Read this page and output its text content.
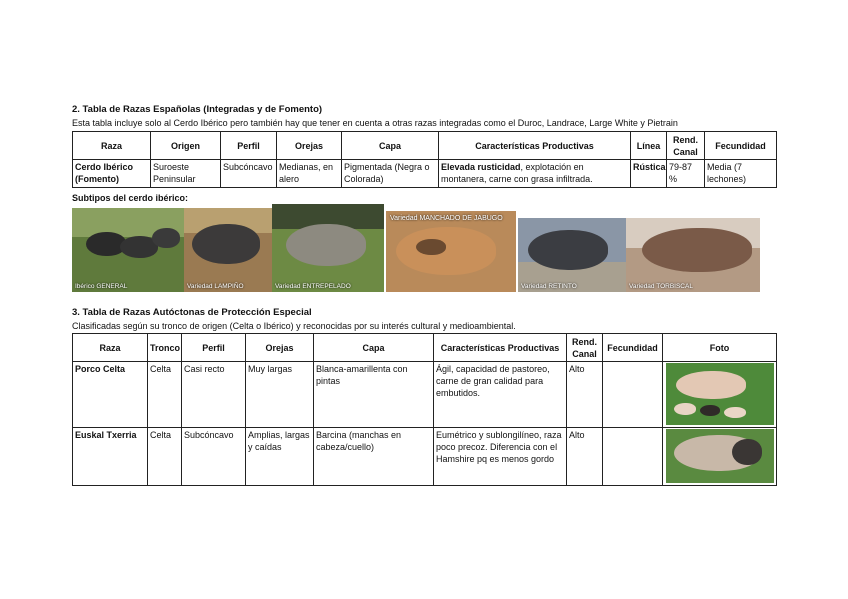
2. Tabla de Razas Españolas (Integradas y de Fomento)
Esta tabla incluye solo al Cerdo Ibérico pero también hay que tener en cuenta a otras razas integradas como el Duroc, Landrace, Large White y Pietrain
Raza	Origen	Perfil	Orejas	Capa	Características Productivas	Línea	Rend. Canal	Fecundidad
Cerdo Ibérico (Fomento)	Suroeste Peninsular	Subcóncavo	Medianas, en alero	Pigmentada (Negra o Colorada)	Elevada rusticidad, explotación en montanera, carne con grasa infiltrada.	Rústica	79-87 %	Media (7 lechones)
Subtipos del cerdo ibérico:
Ibérico GENERAL	Variedad LAMPIÑO	Variedad ENTREPELADO
Variedad MANCHADO DE JABUGO
Variedad RETINTO	Variedad TORBISCAL
3. Tabla de Razas Autóctonas de Protección Especial
Clasificadas según su tronco de origen (Celta o Ibérico) y reconocidas por su interés cultural y medioambiental.
Raza	Tronco	Perfil	Orejas	Capa	Características Productivas	Rend. Canal	Fecundidad	Foto
Porco Celta	Celta	Casi recto	Muy largas	Blanca-amarillenta con pintas	Ágil, capacidad de pastoreo, carne de gran calidad para embutidos.	Alto		

Euskal Txerria	Celta	Subcóncavo	Amplias, largas y caídas	Barcina (manchas en cabeza/cuello)	Eumétrico y sublongilíneo, raza poco precoz. Diferencia con el Hamshire pq es menos gordo	Alto		
